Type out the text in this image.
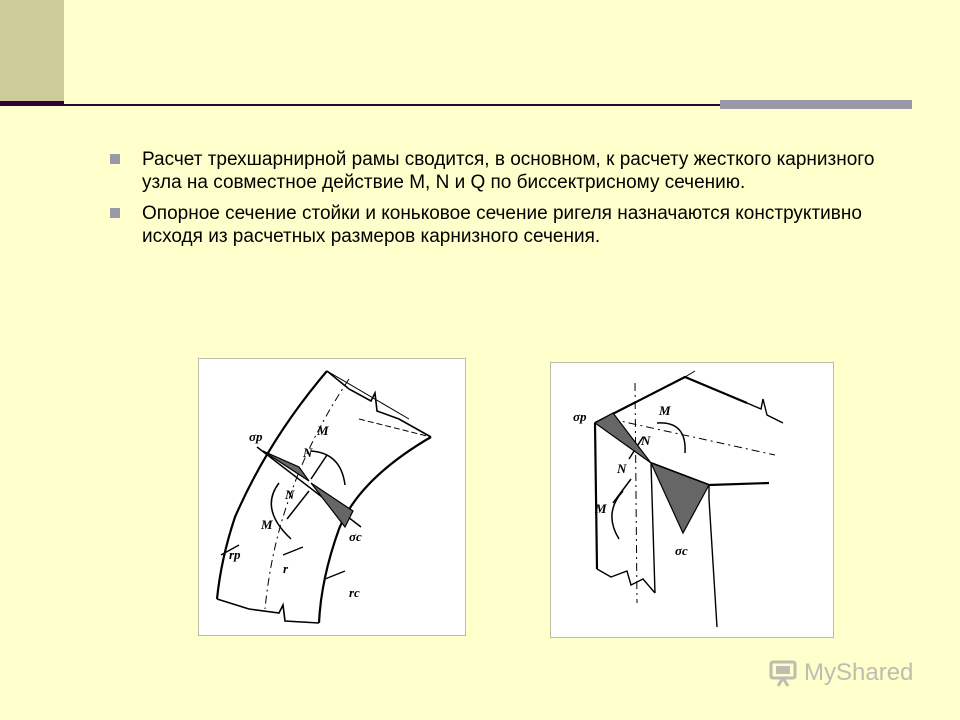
Расчет трехшарнирной рамы сводится, в основном, к расчету жесткого карнизного узла на совместное действие M, N и Q по биссектрисному сечению.
Опорное сечение стойки и коньковое сечение ригеля назначаются конструктивно исходя из расчетных размеров карнизного сечения.
σp
σc
M
N
N
M
rp
r
rc
σp
σc
M
N
N
M
MyShared
